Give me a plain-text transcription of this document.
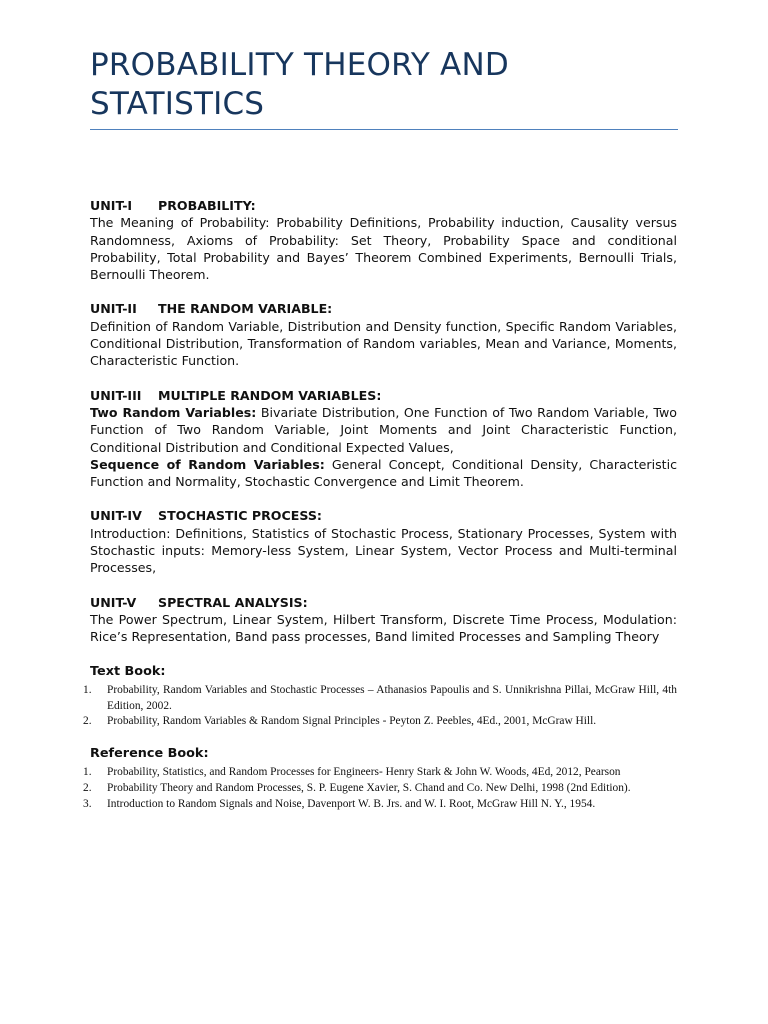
PROBABILITY THEORY AND STATISTICS
UNIT-I PROBABILITY:
The Meaning of Probability: Probability Definitions, Probability induction, Causality versus Randomness, Axioms of Probability: Set Theory, Probability Space and conditional Probability, Total Probability and Bayes’ Theorem Combined Experiments, Bernoulli Trials, Bernoulli Theorem.
UNIT-II THE RANDOM VARIABLE:
Definition of Random Variable, Distribution and Density function, Specific Random Variables, Conditional Distribution, Transformation of Random variables, Mean and Variance, Moments, Characteristic Function.
UNIT-III MULTIPLE RANDOM VARIABLES:
Two Random Variables: Bivariate Distribution, One Function of Two Random Variable, Two Function of Two Random Variable, Joint Moments and Joint Characteristic Function, Conditional Distribution and Conditional Expected Values,
Sequence of Random Variables: General Concept, Conditional Density, Characteristic Function and Normality, Stochastic Convergence and Limit Theorem.
UNIT-IV STOCHASTIC PROCESS:
Introduction: Definitions, Statistics of Stochastic Process, Stationary Processes, System with Stochastic inputs: Memory-less System, Linear System, Vector Process and Multi-terminal Processes,
UNIT-V SPECTRAL ANALYSIS:
The Power Spectrum, Linear System, Hilbert Transform, Discrete Time Process, Modulation: Rice’s Representation, Band pass processes, Band limited Processes and Sampling Theory
Text Book:
1. Probability, Random Variables and Stochastic Processes – Athanasios Papoulis and S. Unnikrishna Pillai, McGraw Hill, 4th Edition, 2002.
2. Probability, Random Variables & Random Signal Principles - Peyton Z. Peebles, 4Ed., 2001, McGraw Hill.
Reference Book:
1. Probability, Statistics, and Random Processes for Engineers- Henry Stark & John W. Woods, 4Ed, 2012, Pearson
2. Probability Theory and Random Processes, S. P. Eugene Xavier, S. Chand and Co. New Delhi, 1998 (2nd Edition).
3. Introduction to Random Signals and Noise, Davenport W. B. Jrs. and W. I. Root, McGraw Hill N. Y., 1954.
